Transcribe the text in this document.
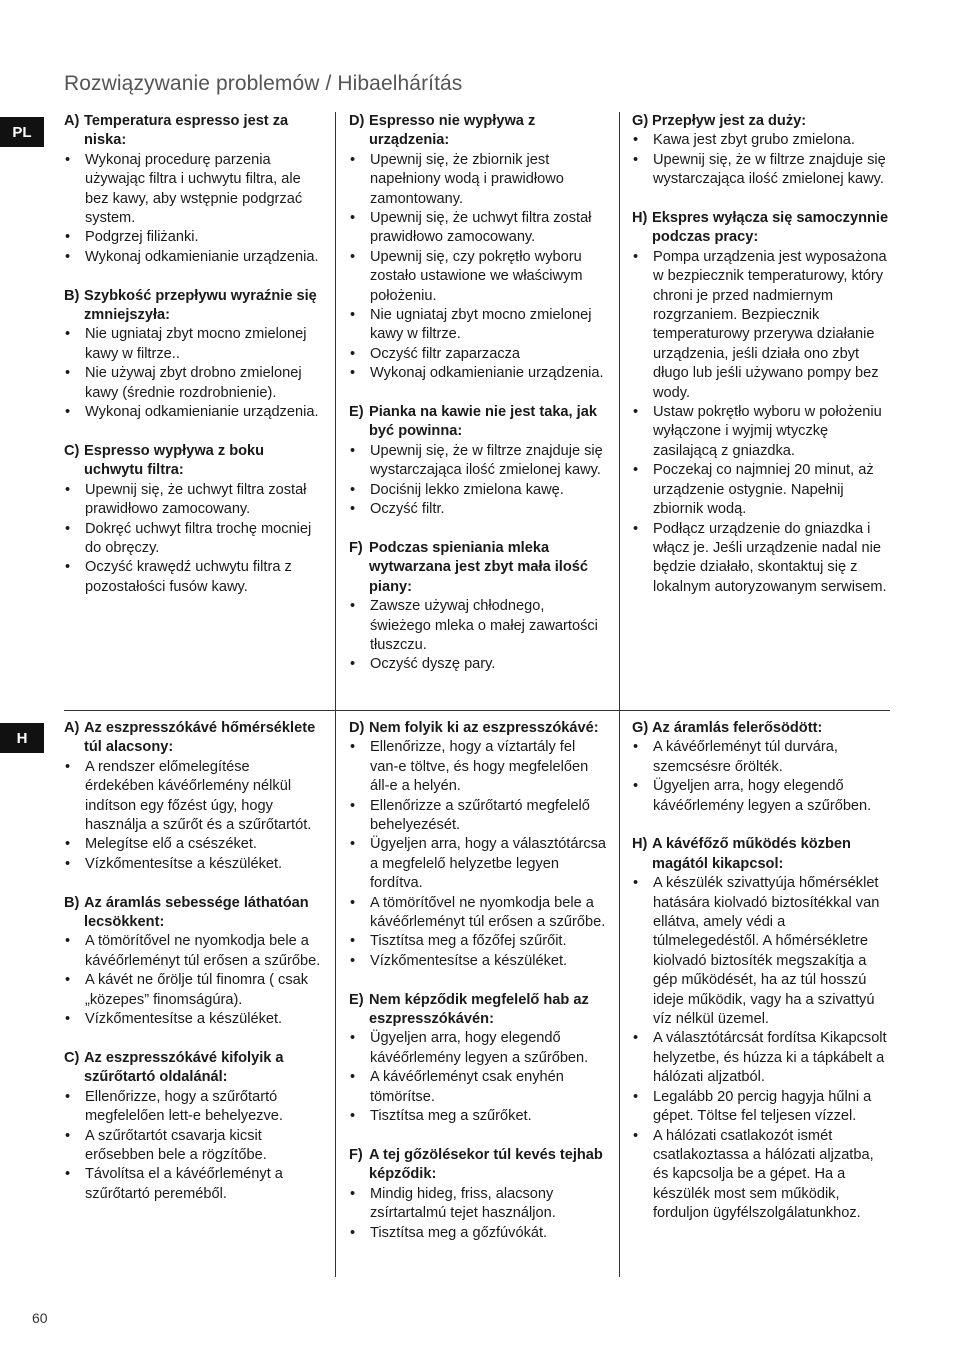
Rozwiązywanie problemów / Hibaelhárítás
PL
H
A) Temperatura espresso jest za niska:
•	Wykonaj procedurę parzenia używając filtra i uchwytu filtra, ale bez kawy, aby wstępnie podgrzać system.
•	Podgrzej filiżanki.
•	Wykonaj odkamienianie urządzenia.
B) Szybkość przepływu wyraźnie się zmniejszyła:
•	Nie ugniataj zbyt mocno zmielonej kawy w filtrze..
•	Nie używaj zbyt drobno zmielonej kawy (średnie rozdrobnienie).
•	Wykonaj odkamienianie urządzenia.
C) Espresso wypływa z boku uchwytu filtra:
•	Upewnij się, że uchwyt filtra został prawidłowo zamocowany.
•	Dokręć uchwyt filtra trochę mocniej do obręczy.
•	Oczyść krawędź uchwytu filtra z pozostałości fusów kawy.
D) Espresso nie wypływa z urządzenia:
•	Upewnij się, że zbiornik jest napełniony wodą i prawidłowo zamontowany.
•	Upewnij się, że uchwyt filtra został prawidłowo zamocowany.
•	Upewnij się, czy pokrętło wyboru zostało ustawione we właściwym położeniu.
•	Nie ugniataj zbyt mocno zmielonej kawy w filtrze.
•	Oczyść filtr zaparzacza
•	Wykonaj odkamienianie urządzenia.
E) Pianka na kawie nie jest taka, jak być powinna:
•	Upewnij się, że w filtrze znajduje się wystarczająca ilość zmielonej kawy.
•	Dociśnij lekko zmielona kawę.
•	Oczyść filtr.
F) Podczas spieniania mleka wytwarzana jest zbyt mała ilość piany:
•	Zawsze używaj chłodnego, świeżego mleka o małej zawartości tłuszczu.
•	Oczyść dyszę pary.
G) Przepływ jest za duży:
•	Kawa jest zbyt grubo zmielona.
•	Upewnij się, że w filtrze znajduje się wystarczająca ilość zmielonej kawy.
H) Ekspres wyłącza się samoczynnie podczas pracy:
•	Pompa urządzenia jest wyposażona w bezpiecznik temperaturowy, który chroni je przed nadmiernym rozgrzaniem. Bezpiecznik temperaturowy przerywa działanie urządzenia, jeśli działa ono zbyt długo lub jeśli używano pompy bez wody.
•	Ustaw pokrętło wyboru w położeniu wyłączone i wyjmij wtyczkę zasilającą z gniazdka.
•	Poczekaj co najmniej 20 minut, aż urządzenie ostygnie. Napełnij zbiornik wodą.
•	Podłącz urządzenie do gniazdka i włącz je. Jeśli urządzenie nadal nie będzie działało, skontaktuj się z lokalnym autoryzowanym serwisem.
A) Az eszpresszókávé hőmérséklete túl alacsony:
•	A rendszer előmelegítése érdekében kávéőrlemény nélkül indítson egy főzést úgy, hogy használja a szűrőt és a szűrőtartót.
•	Melegítse elő a csészéket.
•	Vízkőmentesítse a készüléket.
B) Az áramlás sebessége láthatóan lecsökkent:
•	A tömörítővel ne nyomkodja bele a kávéőrleményt túl erősen a szűrőbe.
•	A kávét ne őrölje túl finomra ( csak „közepes” finomságúra).
•	Vízkőmentesítse a készüléket.
C) Az eszpresszókávé kifolyik a szűrőtartó oldalánál:
•	Ellenőrizze, hogy a szűrőtartó megfelelően lett-e behelyezve.
•	A szűrőtartót csavarja kicsit erősebben bele a rögzítőbe.
•	Távolítsa el a kávéőrleményt a szűrőtartó pereméből.
D) Nem folyik ki az eszpresszókávé:
•	Ellenőrizze, hogy a víztartály fel van-e töltve, és hogy megfelelően áll-e a helyén.
•	Ellenőrizze a szűrőtartó megfelelő behelyezését.
•	Ügyeljen arra, hogy a választótárcsa a megfelelő helyzetbe legyen fordítva.
•	A tömörítővel ne nyomkodja bele a kávéőrleményt túl erősen a szűrőbe.
•	Tisztítsa meg a főzőfej szűrőit.
•	Vízkőmentesítse a készüléket.
E) Nem képződik megfelelő hab az eszpresszókávén:
•	Ügyeljen arra, hogy elegendő kávéőrlemény legyen a szűrőben.
•	A kávéőrleményt csak enyhén tömörítse.
•	Tisztítsa meg a szűrőket.
F) A tej gőzölésekor túl kevés tejhab képződik:
•	Mindig hideg, friss, alacsony zsírtartalmú tejet használjon.
•	Tisztítsa meg a gőzfúvókát.
G) Az áramlás felerősödött:
•	A kávéőrleményt túl durvára, szemcsésre őrölték.
•	Ügyeljen arra, hogy elegendő kávéőrlemény legyen a szűrőben.
H) A kávéfőző működés közben magától kikapcsol:
•	A készülék szivattyúja hőmérséklet hatására kiolvadó biztosítékkal van ellátva, amely védi a túlmelegedéstől. A hőmérsékletre kiolvadó biztosíték megszakítja a gép működését, ha az túl hosszú ideje működik, vagy ha a szivattyú víz nélkül üzemel.
•	A választótárcsát fordítsa Kikapcsolt helyzetbe, és húzza ki a tápkábelt a hálózati aljzatból.
•	Legalább 20 percig hagyja hűlni a gépet. Töltse fel teljesen vízzel.
•	A hálózati csatlakozót ismét csatlakoztassa a hálózati aljzatba, és kapcsolja be a gépet. Ha a készülék most sem működik, forduljon ügyfélszolgálatunkhoz.
60
